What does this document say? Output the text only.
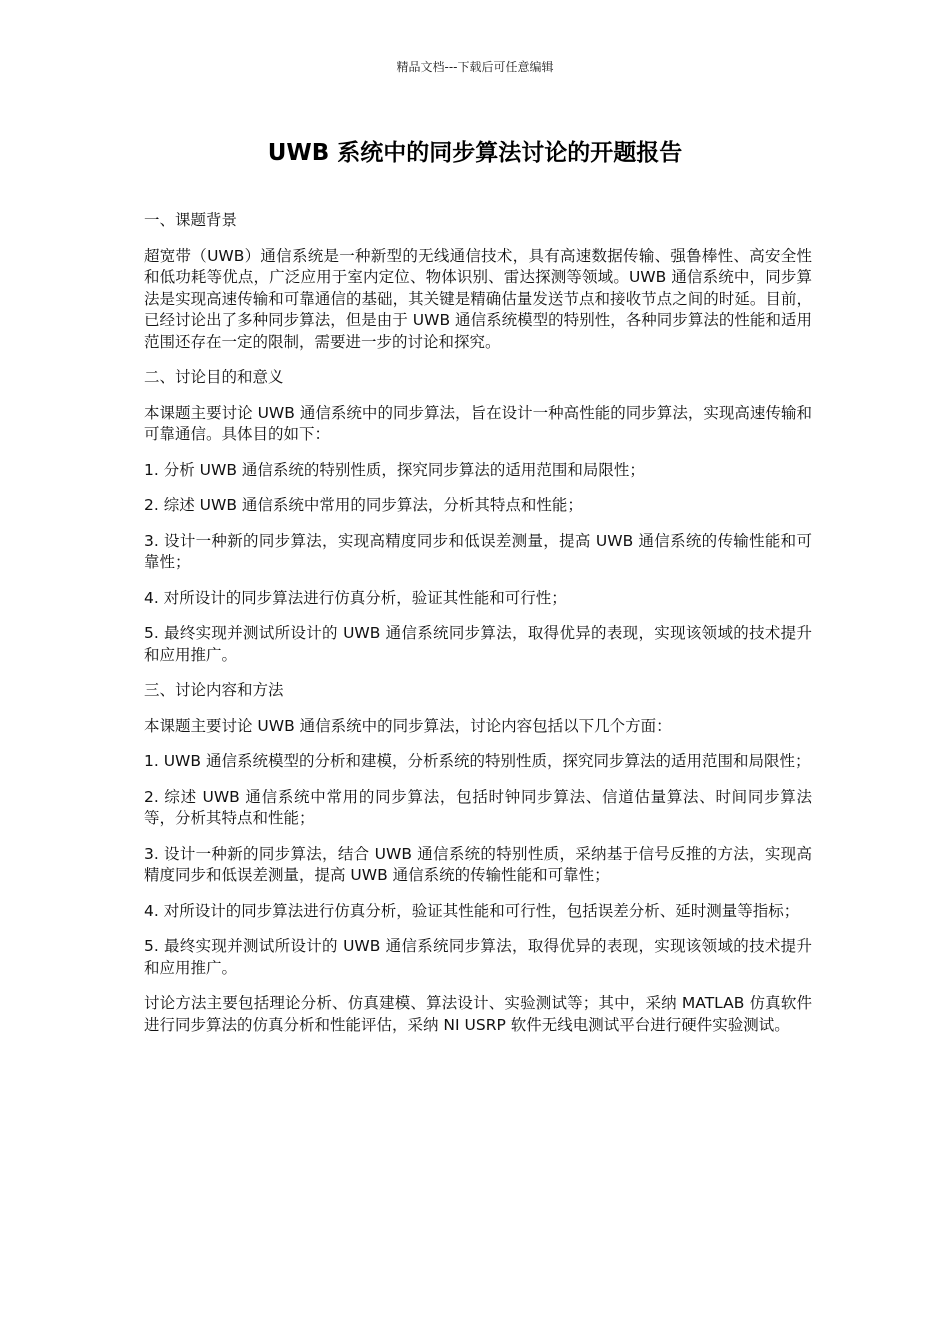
精品文档---下载后可任意编辑
UWB 系统中的同步算法讨论的开题报告

一、课题背景

超宽带（UWB）通信系统是一种新型的无线通信技术，具有高速数据传输、强鲁棒性、高安全性和低功耗等优点，广泛应用于室内定位、物体识别、雷达探测等领域。UWB 通信系统中，同步算法是实现高速传输和可靠通信的基础，其关键是精确估量发送节点和接收节点之间的时延。目前，已经讨论出了多种同步算法，但是由于 UWB 通信系统模型的特别性，各种同步算法的性能和适用范围还存在一定的限制，需要进一步的讨论和探究。

二、讨论目的和意义

本课题主要讨论 UWB 通信系统中的同步算法，旨在设计一种高性能的同步算法，实现高速传输和可靠通信。具体目的如下：

1. 分析 UWB 通信系统的特别性质，探究同步算法的适用范围和局限性；

2. 综述 UWB 通信系统中常用的同步算法，分析其特点和性能；

3. 设计一种新的同步算法，实现高精度同步和低误差测量，提高 UWB 通信系统的传输性能和可靠性；

4. 对所设计的同步算法进行仿真分析，验证其性能和可行性；

5. 最终实现并测试所设计的 UWB 通信系统同步算法，取得优异的表现，实现该领域的技术提升和应用推广。

三、讨论内容和方法

本课题主要讨论 UWB 通信系统中的同步算法，讨论内容包括以下几个方面：

1. UWB 通信系统模型的分析和建模，分析系统的特别性质，探究同步算法的适用范围和局限性；

2. 综述 UWB 通信系统中常用的同步算法，包括时钟同步算法、信道估量算法、时间同步算法等，分析其特点和性能；

3. 设计一种新的同步算法，结合 UWB 通信系统的特别性质，采纳基于信号反推的方法，实现高精度同步和低误差测量，提高 UWB 通信系统的传输性能和可靠性；

4. 对所设计的同步算法进行仿真分析，验证其性能和可行性，包括误差分析、延时测量等指标；

5. 最终实现并测试所设计的 UWB 通信系统同步算法，取得优异的表现，实现该领域的技术提升和应用推广。

讨论方法主要包括理论分析、仿真建模、算法设计、实验测试等；其中，采纳 MATLAB 仿真软件进行同步算法的仿真分析和性能评估，采纳 NI USRP 软件无线电测试平台进行硬件实验测试。
